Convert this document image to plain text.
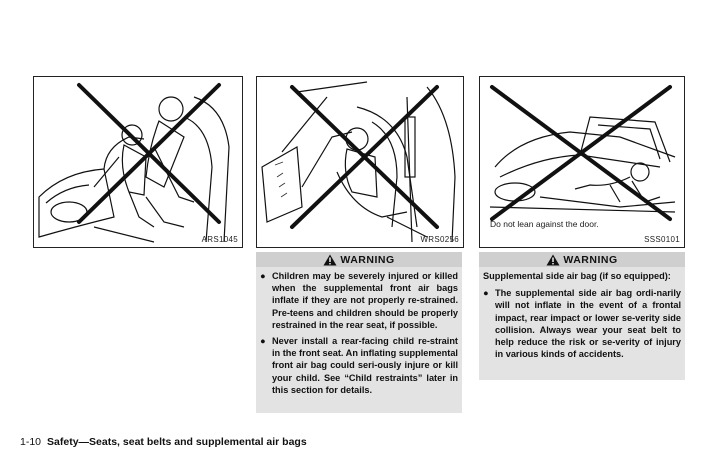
ARS1045	WRS0256
Do not lean against the door.
SSS0101
WARNING
● Children may be severely injured or killed when the supplemental front air bags inflate if they are not properly re-strained. Pre-teens and children should be properly restrained in the rear seat, if possible.

● Never install a rear-facing child re-straint in the front seat. An inflating supplemental front air bag could seri-ously injure or kill your child. See “Child restraints” later in this section for details.

WARNING

Supplemental side air bag (if so equipped):

● The supplemental side air bag ordi-narily will not inflate in the event of a frontal impact, rear impact or lower se-verity side collision. Always wear your seat belt to help reduce the risk or se-verity of injury in various kinds of accidents.

1-10 Safety—Seats, seat belts and supplemental air bags
